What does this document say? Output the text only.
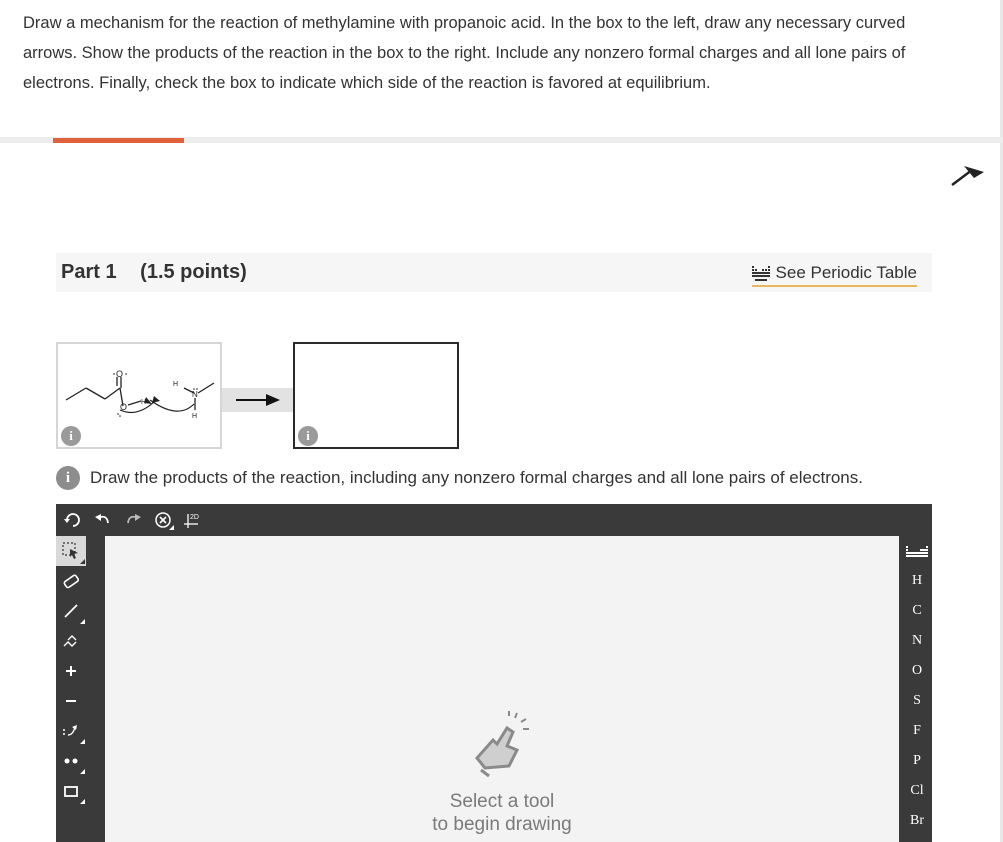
Draw a mechanism for the reaction of methylamine with propanoic acid. In the box to the left, draw any necessary curved arrows. Show the products of the reaction in the box to the right. Include any nonzero formal charges and all lone pairs of electrons. Finally, check the box to indicate which side of the reaction is favored at equilibrium.

Part 1 (1.5 points)	See Periodic Table
O
O H
H
N
H
i	i
i	Draw the products of the reaction, including any nonzero formal charges and all lone pairs of electrons.
2D
Select a tool
to begin drawing
H
C
N
O
S
F
P
Cl
Br
